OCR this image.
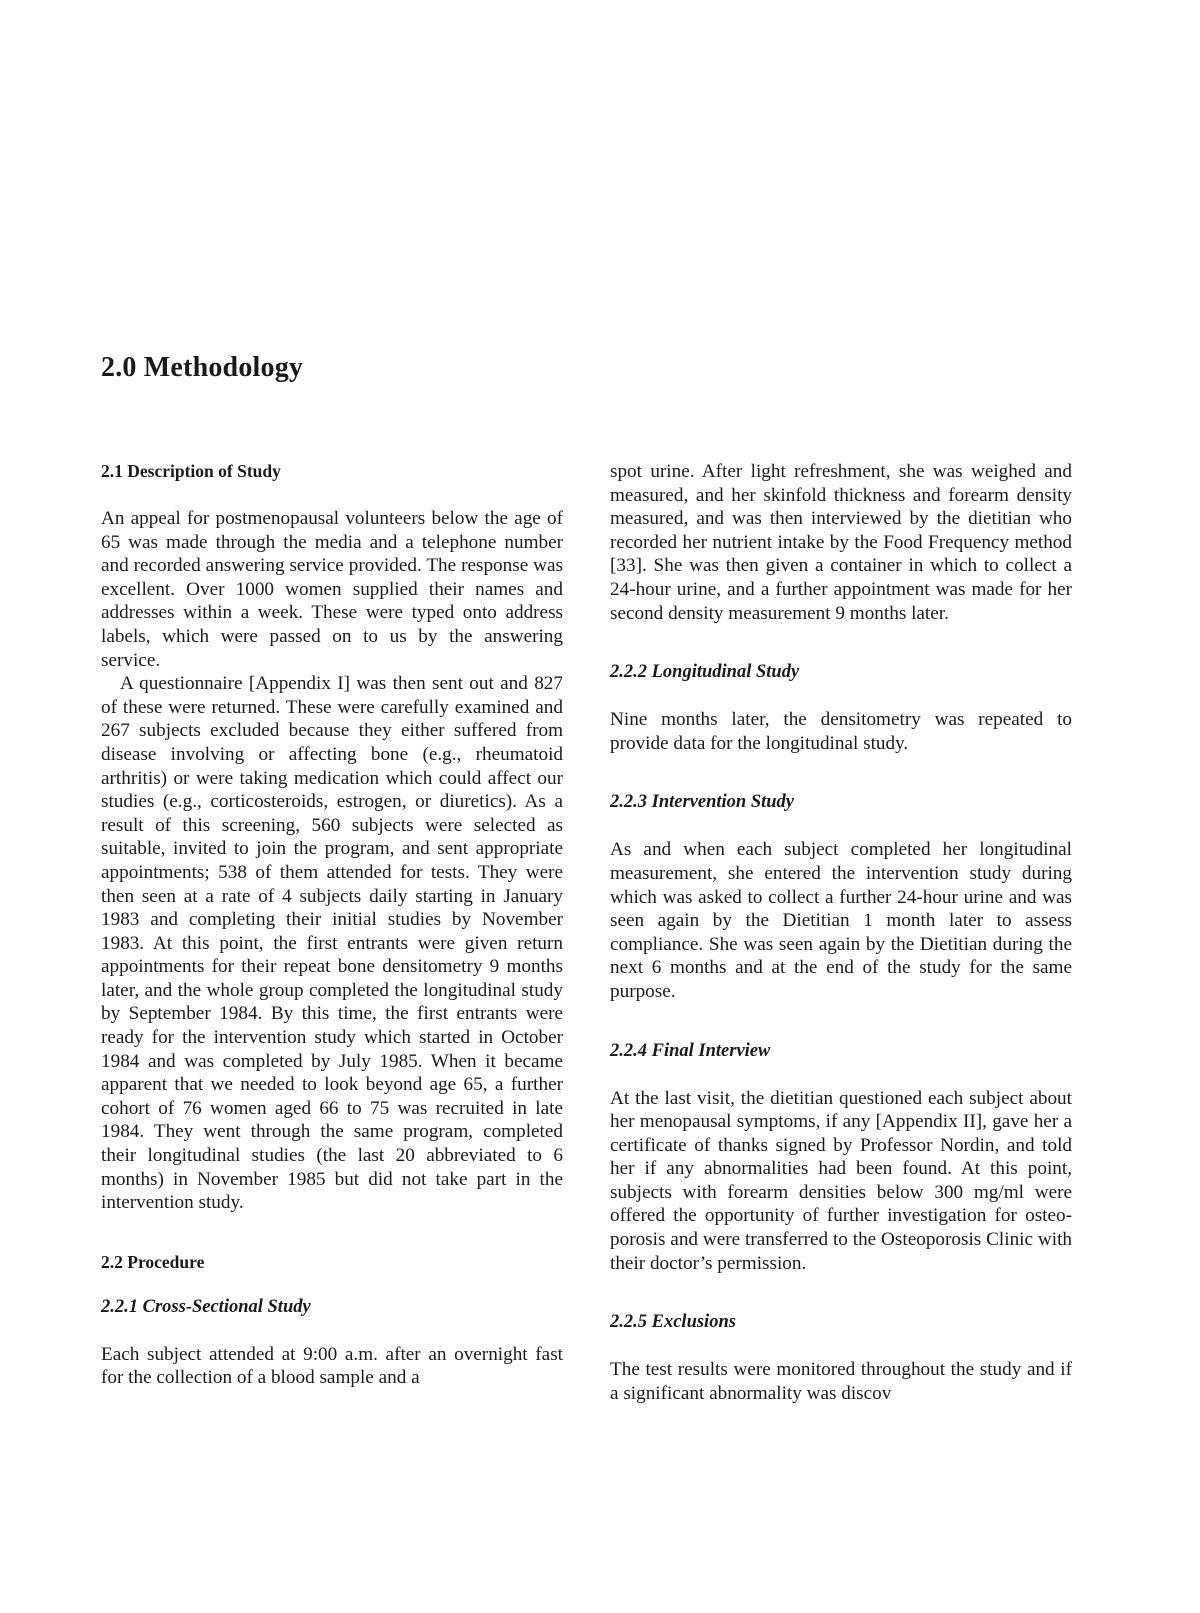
2.0 Methodology
2.1 Description of Study

An appeal for postmenopausal volunteers below the age of 65 was made through the media and a telephone number and recorded answering service provided. The response was excellent. Over 1000 women supplied their names and addresses within a week. These were typed onto address labels, which were passed on to us by the answering service.

A questionnaire [Appendix I] was then sent out and 827 of these were returned. These were carefully examined and 267 subjects excluded because they either suffered from disease involving or affecting bone (e.g., rheumatoid arthritis) or were taking medication which could affect our studies (e.g., corticosteroids, estrogen, or diuretics). As a result of this screening, 560 subjects were selected as suitable, invited to join the program, and sent appropriate appointments; 538 of them attended for tests. They were then seen at a rate of 4 subjects daily starting in January 1983 and completing their initial studies by November 1983. At this point, the first entrants were given return appointments for their repeat bone densitometry 9 months later, and the whole group completed the longitudinal study by September 1984. By this time, the first entrants were ready for the intervention study which started in October 1984 and was completed by July 1985. When it became apparent that we needed to look beyond age 65, a further cohort of 76 women aged 66 to 75 was recruited in late 1984. They went through the same program, completed their longitudinal studies (the last 20 abbreviated to 6 months) in November 1985 but did not take part in the intervention study.

2.2 Procedure
2.2.1 Cross-Sectional Study

Each subject attended at 9:00 a.m. after an overnight fast for the collection of a blood sample and a

spot urine. After light refreshment, she was weighed and measured, and her skinfold thickness and forearm density measured, and was then interviewed by the dietitian who recorded her nutrient intake by the Food Frequency method [33]. She was then given a container in which to collect a 24-hour urine, and a further appointment was made for her second density measurement 9 months later.

2.2.2 Longitudinal Study

Nine months later, the densitometry was repeated to provide data for the longitudinal study.

2.2.3 Intervention Study

As and when each subject completed her longitudinal measurement, she entered the intervention study during which was asked to collect a further 24-hour urine and was seen again by the Dietitian 1 month later to assess compliance. She was seen again by the Dietitian during the next 6 months and at the end of the study for the same purpose.

2.2.4 Final Interview

At the last visit, the dietitian questioned each subject about her menopausal symptoms, if any [Appendix II], gave her a certificate of thanks signed by Professor Nordin, and told her if any abnormalities had been found. At this point, subjects with forearm densities below 300 mg/ml were offered the opportunity of further investigation for osteoporosis and were transferred to the Osteoporosis Clinic with their doctor’s permission.

2.2.5 Exclusions

The test results were monitored throughout the study and if a significant abnormality was discov
